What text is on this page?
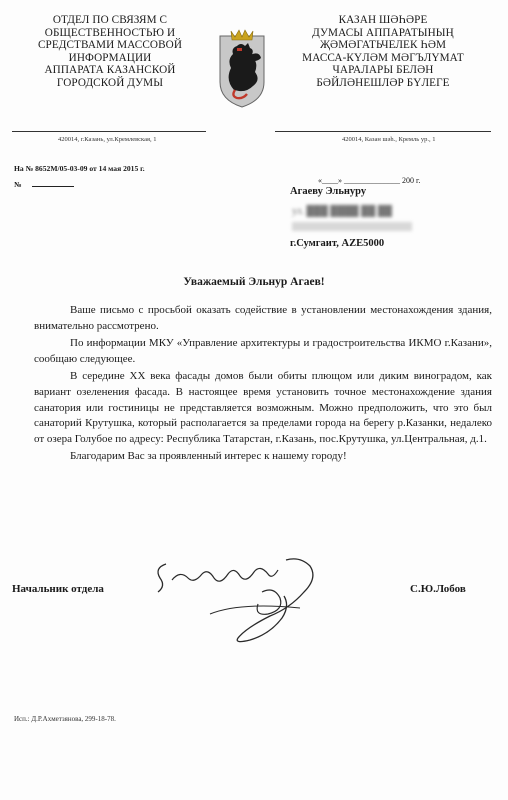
ОТДЕЛ ПО СВЯЗЯМ С
ОБЩЕСТВЕННОСТЬЮ И
СРЕДСТВАМИ МАССОВОЙ
ИНФОРМАЦИИ
АППАРАТА КАЗАНСКОЙ
ГОРОДСКОЙ ДУМЫ
420014, г.Казань, ул.Кремлевская, 1
КАЗАН ШӘҺӘРЕ
ДУМАСЫ АППАРАТЫНЫҢ
ҖӘМӘГАТЬЧЕЛЕК ҺӘМ
МАССА-КҮЛӘМ МӘГЪЛҮМАТ
ЧАРАЛАРЫ БЕЛӘН
БӘЙЛӘНЕШЛӘР БҮЛЕГЕ
420014, Казан шәһ., Кремль ур., 1
На № 8652М/05-03-09 от 14 мая 2015 г.
№	«____» ______________ 200 г.
Агаеву Эльнуру
ул. ███ ████ ██ ██
г.Сумгаит, AZE5000
Уважаемый Эльнур Агаев!
Ваше письмо с просьбой оказать содействие в установлении местонахождения здания, внимательно рассмотрено.
По информации МКУ «Управление архитектуры и градостроительства ИКМО г.Казани», сообщаю следующее.
В середине XX века фасады домов были обиты плющом или диким виноградом, как вариант озеленения фасада. В настоящее время установить точное местонахождение здания санатория или гостиницы не представляется возможным. Можно предположить, что это был санаторий Крутушка, который располагается за пределами города на берегу р.Казанки, недалеко от озера Голубое по адресу: Республика Татарстан, г.Казань, пос.Крутушка, ул.Центральная, д.1.
Благодарим Вас за проявленный интерес к нашему городу!
Начальник отдела	С.Ю.Лобов
Исп.: Д.Р.Ахметзянова, 299-18-78.
